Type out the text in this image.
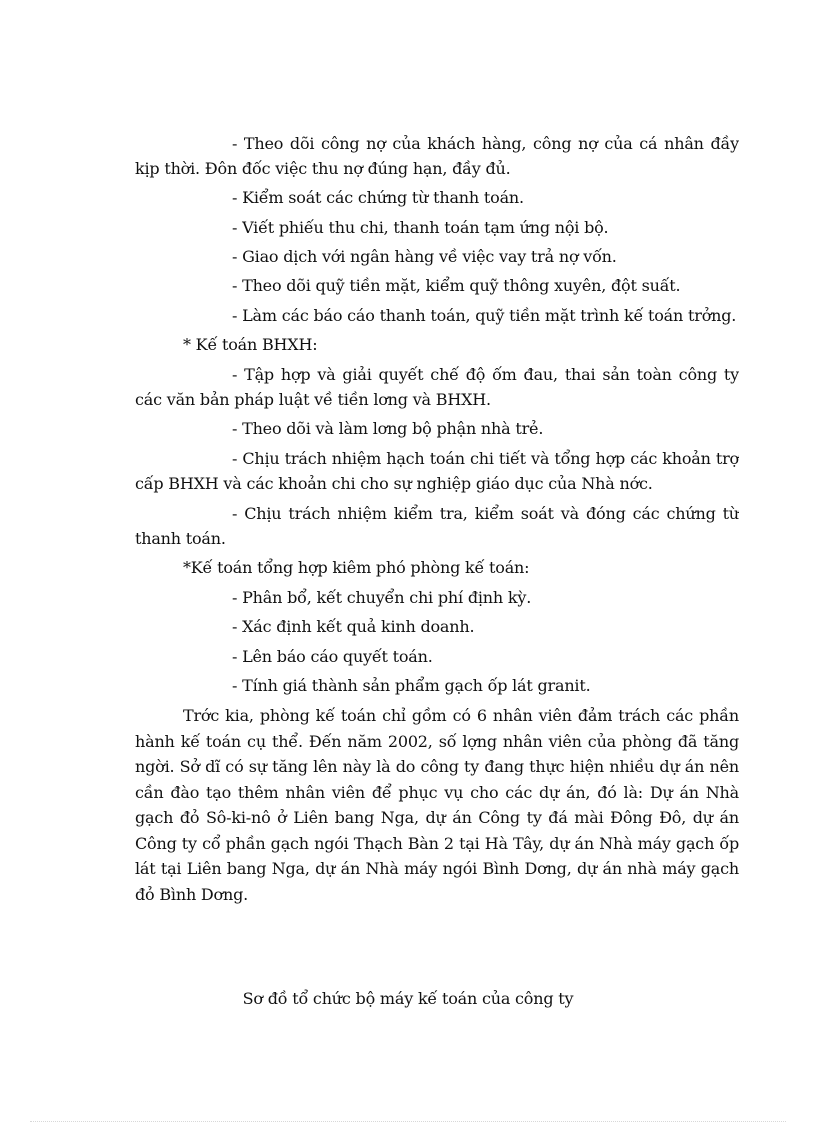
- Theo dõi công nợ của khách hàng, công nợ của cá nhân đầy
kịp thời. Đôn đốc việc thu nợ đúng hạn, đầy đủ.
- Kiểm soát các chứng từ thanh toán.
- Viết phiếu thu chi, thanh toán tạm ứng nội bộ.
- Giao dịch với ngân hàng về việc vay trả nợ vốn.
- Theo dõi quỹ tiền mặt, kiểm quỹ thông xuyên, đột suất.
- Làm các báo cáo thanh toán, quỹ tiền mặt trình kế toán trởng.
* Kế toán BHXH:
- Tập hợp và giải quyết chế độ ốm đau, thai sản toàn công ty
các văn bản pháp luật về tiền lơng và BHXH.
- Theo dõi và làm lơng bộ phận nhà trẻ.
- Chịu trách nhiệm hạch toán chi tiết và tổng hợp các khoản trợ
cấp BHXH và các khoản chi cho sự nghiệp giáo dục của Nhà nớc.
- Chịu trách nhiệm kiểm tra, kiểm soát và đóng các chứng từ
thanh toán.
*Kế toán tổng hợp kiêm phó phòng kế toán:
- Phân bổ, kết chuyển chi phí định kỳ.
- Xác định kết quả kinh doanh.
- Lên báo cáo quyết toán.
- Tính giá thành sản phẩm gạch ốp lát granit.
Trớc kia, phòng kế toán chỉ gồm có 6 nhân viên đảm trách các phần
hành kế toán cụ thể. Đến năm 2002, số lợng nhân viên của phòng đã tăng
ngời. Sở dĩ có sự tăng lên này là do công ty đang thực hiện nhiều dự án nên
cần đào tạo thêm nhân viên để phục vụ cho các dự án, đó là: Dự án Nhà
gạch đỏ Sô-ki-nô ở Liên bang Nga, dự án Công ty đá mài Đông Đô, dự án
Công ty cổ phần gạch ngói Thạch Bàn 2 tại Hà Tây, dự án Nhà máy gạch ốp
lát tại Liên bang Nga, dự án Nhà máy ngói Bình Dơng, dự án nhà máy gạch
đỏ Bình Dơng.
Sơ đồ tổ chức bộ máy kế toán của công ty
